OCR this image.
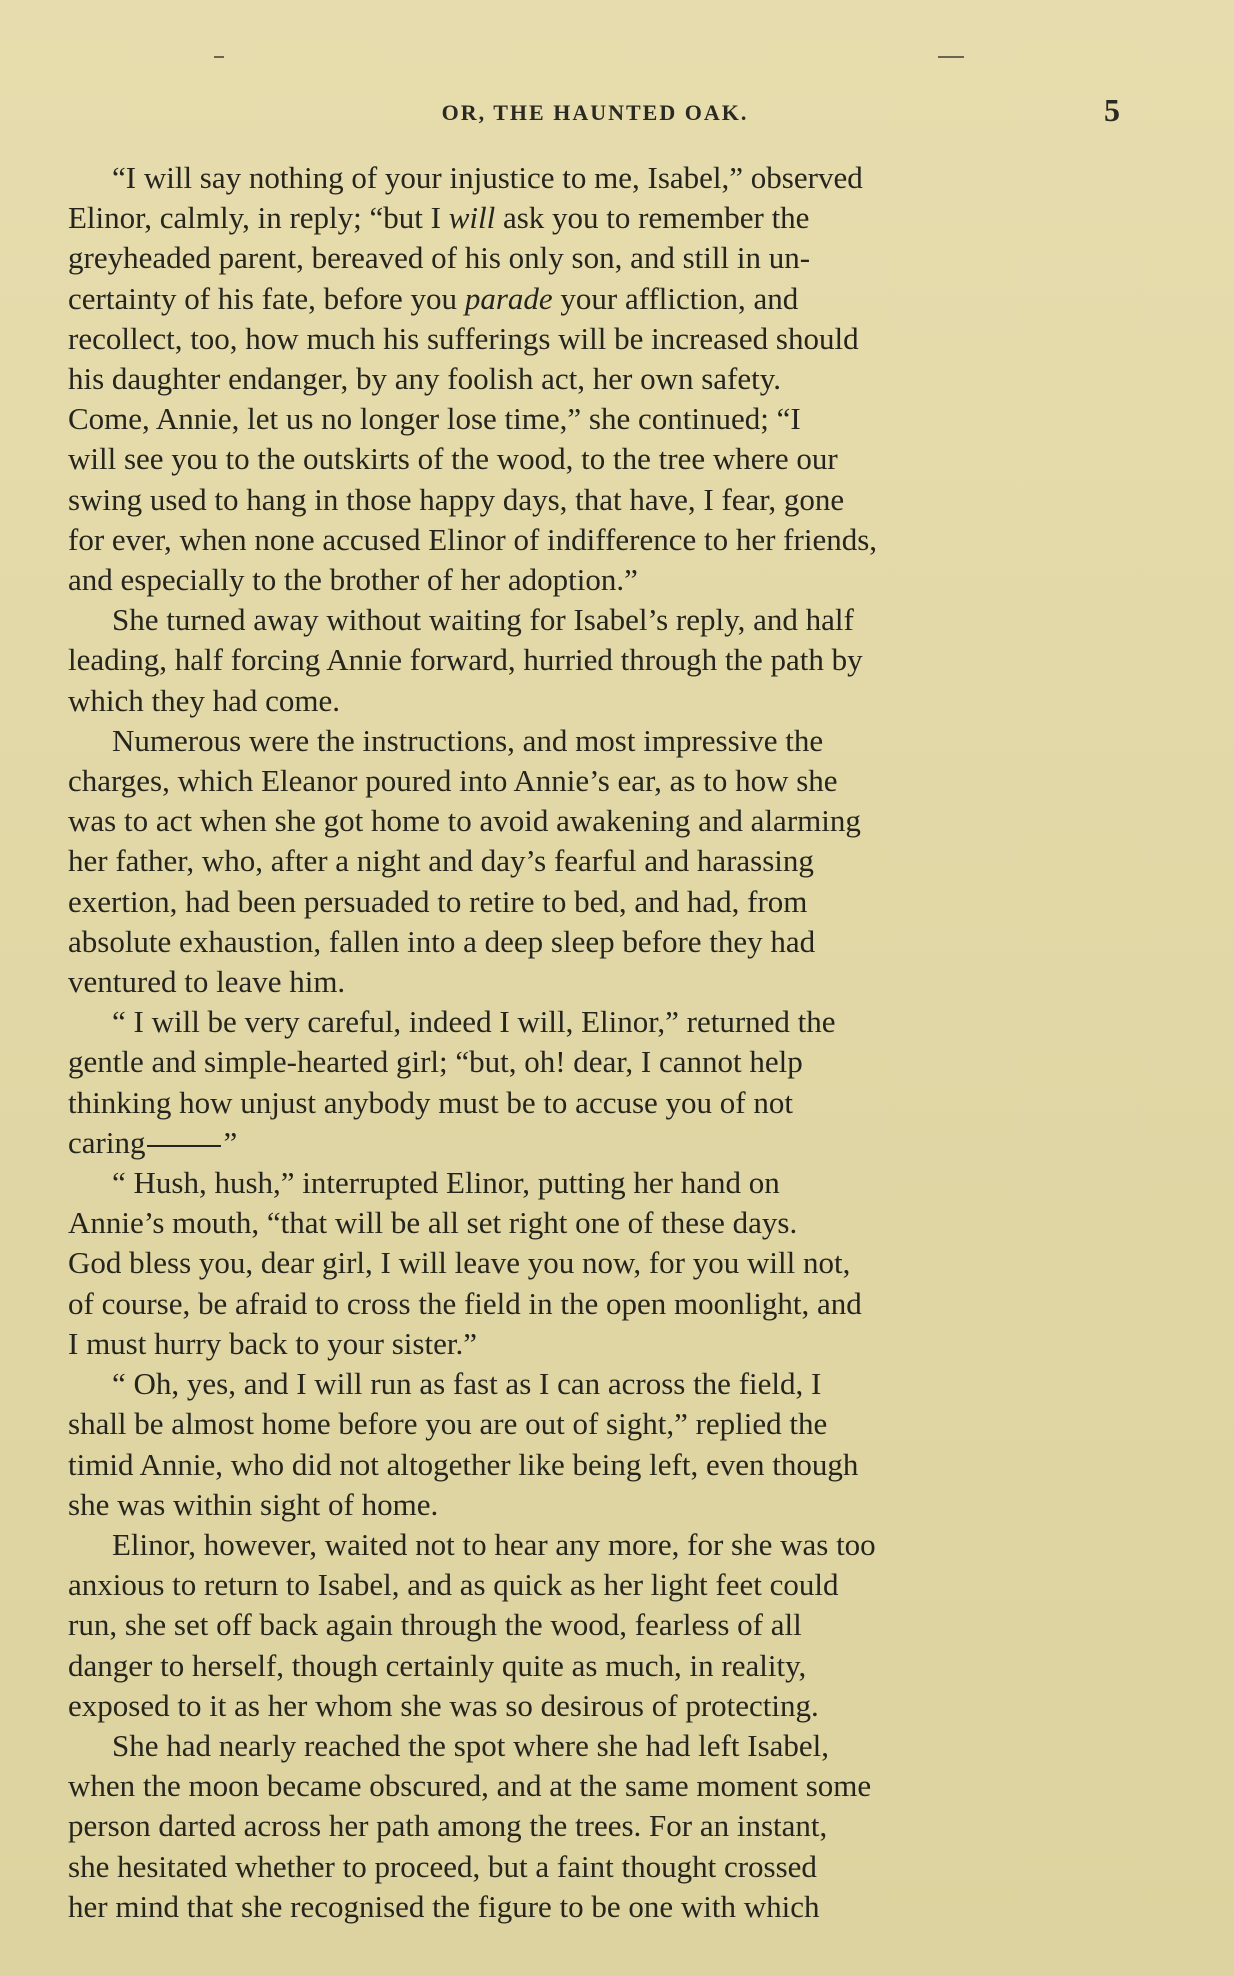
OR, THE HAUNTED OAK.	5
“I will say nothing of your injustice to me, Isabel,” observed
Elinor, calmly, in reply; “but I will ask you to remember the
greyheaded parent, bereaved of his only son, and still in un-
certainty of his fate, before you parade your affliction, and
recollect, too, how much his sufferings will be increased should
his daughter endanger, by any foolish act, her own safety.
Come, Annie, let us no longer lose time,” she continued; “I
will see you to the outskirts of the wood, to the tree where our
swing used to hang in those happy days, that have, I fear, gone
for ever, when none accused Elinor of indifference to her friends,
and especially to the brother of her adoption.”
She turned away without waiting for Isabel’s reply, and half
leading, half forcing Annie forward, hurried through the path by
which they had come.
Numerous were the instructions, and most impressive the
charges, which Eleanor poured into Annie’s ear, as to how she
was to act when she got home to avoid awakening and alarming
her father, who, after a night and day’s fearful and harassing
exertion, had been persuaded to retire to bed, and had, from
absolute exhaustion, fallen into a deep sleep before they had
ventured to leave him.
“ I will be very careful, indeed I will, Elinor,” returned the
gentle and simple-hearted girl; “but, oh! dear, I cannot help
thinking how unjust anybody must be to accuse you of not
caring	”
“ Hush, hush,” interrupted Elinor, putting her hand on
Annie’s mouth, “that will be all set right one of these days.
God bless you, dear girl, I will leave you now, for you will not,
of course, be afraid to cross the field in the open moonlight, and
I must hurry back to your sister.”
“ Oh, yes, and I will run as fast as I can across the field, I
shall be almost home before you are out of sight,” replied the
timid Annie, who did not altogether like being left, even though
she was within sight of home.
Elinor, however, waited not to hear any more, for she was too
anxious to return to Isabel, and as quick as her light feet could
run, she set off back again through the wood, fearless of all
danger to herself, though certainly quite as much, in reality,
exposed to it as her whom she was so desirous of protecting.
She had nearly reached the spot where she had left Isabel,
when the moon became obscured, and at the same moment some
person darted across her path among the trees. For an instant,
she hesitated whether to proceed, but a faint thought crossed
her mind that she recognised the figure to be one with which
